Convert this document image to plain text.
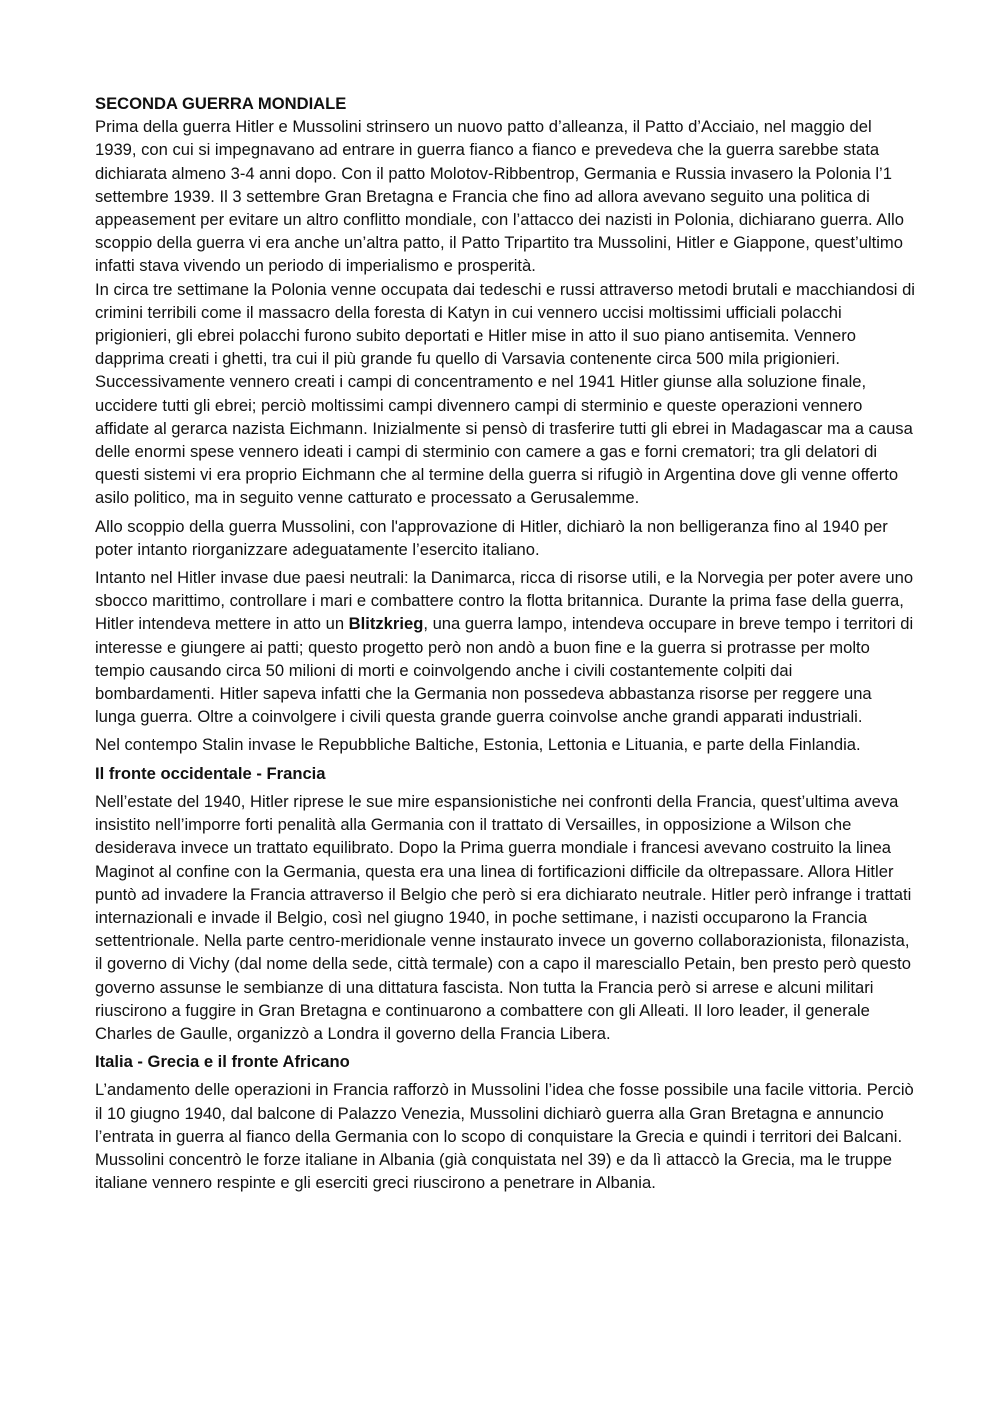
SECONDA GUERRA MONDIALE

Prima della guerra Hitler e Mussolini strinsero un nuovo patto d’alleanza, il Patto d’Acciaio, nel maggio del 1939, con cui si impegnavano ad entrare in guerra fianco a fianco e prevedeva che la guerra sarebbe stata dichiarata almeno 3-4 anni dopo. Con il patto Molotov-Ribbentrop, Germania e Russia invasero la Polonia l’1 settembre 1939. Il 3 settembre Gran Bretagna e Francia che fino ad allora avevano seguito una politica di appeasement per evitare un altro conflitto mondiale, con l’attacco dei nazisti in Polonia, dichiarano guerra. Allo scoppio della guerra vi era anche un’altra patto, il Patto Tripartito tra Mussolini, Hitler e Giappone, quest’ultimo infatti stava vivendo un periodo di imperialismo e prosperità.

In circa tre settimane la Polonia venne occupata dai tedeschi e russi attraverso metodi brutali e macchiandosi di crimini terribili come il massacro della foresta di Katyn in cui vennero uccisi moltissimi ufficiali polacchi prigionieri, gli ebrei polacchi furono subito deportati e Hitler mise in atto il suo piano antisemita. Vennero dapprima creati i ghetti, tra cui il più grande fu quello di Varsavia contenente circa 500 mila prigionieri. Successivamente vennero creati i campi di concentramento e nel 1941 Hitler giunse alla soluzione finale, uccidere tutti gli ebrei; perciò moltissimi campi divennero campi di sterminio e queste operazioni vennero affidate al gerarca nazista Eichmann. Inizialmente si pensò di trasferire tutti gli ebrei in Madagascar ma a causa delle enormi spese vennero ideati i campi di sterminio con camere a gas e forni crematori; tra gli delatori di questi sistemi vi era proprio Eichmann che al termine della guerra si rifugiò in Argentina dove gli venne offerto asilo politico, ma in seguito venne catturato e processato a Gerusalemme.

Allo scoppio della guerra Mussolini, con l'approvazione di Hitler, dichiarò la non belligeranza fino al 1940 per poter intanto riorganizzare adeguatamente l’esercito italiano.

Intanto nel Hitler invase due paesi neutrali: la Danimarca, ricca di risorse utili, e la Norvegia per poter avere uno sbocco marittimo, controllare i mari e combattere contro la flotta britannica. Durante la prima fase della guerra, Hitler intendeva mettere in atto un Blitzkrieg, una guerra lampo, intendeva occupare in breve tempo i territori di interesse e giungere ai patti; questo progetto però non andò a buon fine e la guerra si protrasse per molto tempio causando circa 50 milioni di morti e coinvolgendo anche i civili costantemente colpiti dai bombardamenti. Hitler sapeva infatti che la Germania non possedeva abbastanza risorse per reggere una lunga guerra. Oltre a coinvolgere i civili questa grande guerra coinvolse anche grandi apparati industriali.

Nel contempo Stalin invase le Repubbliche Baltiche, Estonia, Lettonia e Lituania, e parte della Finlandia.

Il fronte occidentale - Francia

Nell’estate del 1940, Hitler riprese le sue mire espansionistiche nei confronti della Francia, quest’ultima aveva insistito nell’imporre forti penalità alla Germania con il trattato di Versailles, in opposizione a Wilson che desiderava invece un trattato equilibrato. Dopo la Prima guerra mondiale i francesi avevano costruito la linea Maginot al confine con la Germania, questa era una linea di fortificazioni difficile da oltrepassare. Allora Hitler puntò ad invadere la Francia attraverso il Belgio che però si era dichiarato neutrale. Hitler però infrange i trattati internazionali e invade il Belgio, così nel giugno 1940, in poche settimane, i nazisti occuparono la Francia settentrionale. Nella parte centro-meridionale venne instaurato invece un governo collaborazionista, filonazista, il governo di Vichy (dal nome della sede, città termale) con a capo il maresciallo Petain, ben presto però questo governo assunse le sembianze di una dittatura fascista. Non tutta la Francia però si arrese e alcuni militari riuscirono a fuggire in Gran Bretagna e continuarono a combattere con gli Alleati. Il loro leader, il generale Charles de Gaulle, organizzò a Londra il governo della Francia Libera.

Italia - Grecia e il fronte Africano

L’andamento delle operazioni in Francia rafforzò in Mussolini l’idea che fosse possibile una facile vittoria. Perciò il 10 giugno 1940, dal balcone di Palazzo Venezia, Mussolini dichiarò guerra alla Gran Bretagna e annuncio l’entrata in guerra al fianco della Germania con lo scopo di conquistare la Grecia e quindi i territori dei Balcani. Mussolini concentrò le forze italiane in Albania (già conquistata nel 39) e da lì attaccò la Grecia, ma le truppe italiane vennero respinte e gli eserciti greci riuscirono a penetrare in Albania.
